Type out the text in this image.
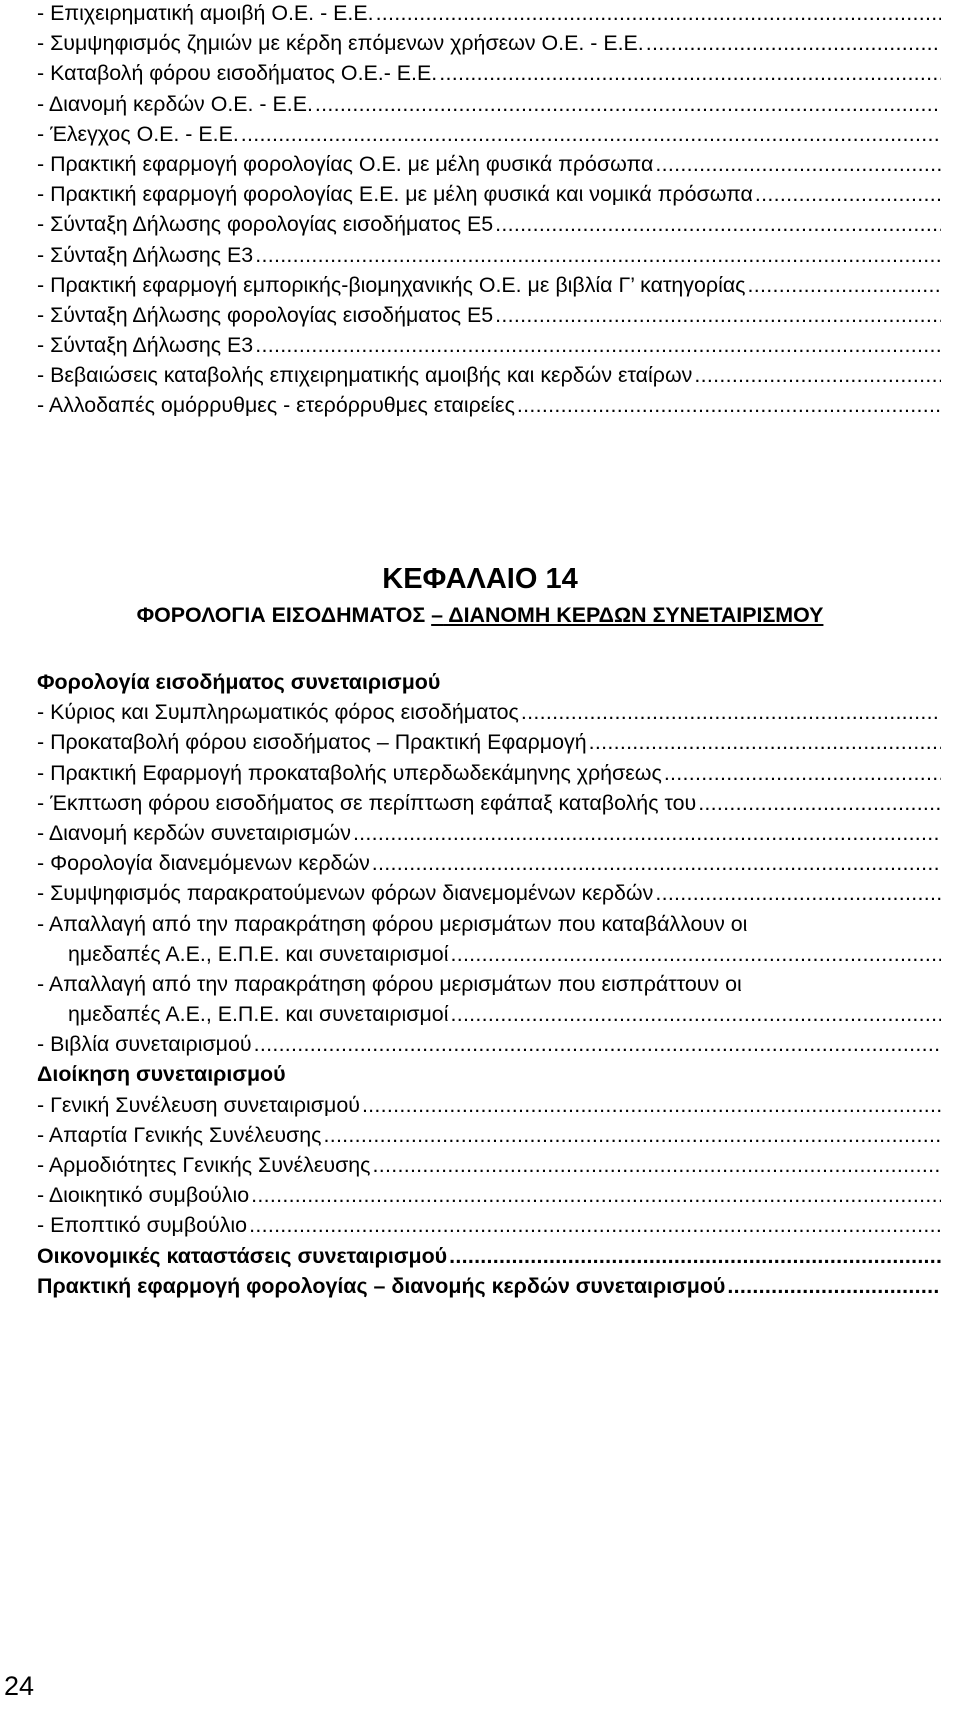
- Επιχειρηματική αμοιβή Ο.Ε. - Ε.Ε.
.....
- Συμψηφισμός ζημιών με κέρδη επόμενων χρήσεων Ο.Ε. - Ε.Ε.
.....
- Καταβολή φόρου εισοδήματος Ο.Ε.- Ε.Ε.
.....
- Διανομή κερδών Ο.Ε. - Ε.Ε.
.....
- Έλεγχος Ο.Ε. - Ε.Ε.
.....
- Πρακτική εφαρμογή φορολογίας Ο.Ε. με μέλη φυσικά πρόσωπα
.....
- Πρακτική εφαρμογή φορολογίας Ε.Ε. με μέλη φυσικά και νομικά πρόσωπα
.....
- Σύνταξη Δήλωσης φορολογίας εισοδήματος Ε5
.....
- Σύνταξη Δήλωσης Ε3
.....
- Πρακτική εφαρμογή εμπορικής-βιομηχανικής Ο.Ε. με βιβλία Γ’ κατηγορίας
.....
- Σύνταξη Δήλωσης φορολογίας εισοδήματος Ε5
.....
- Σύνταξη Δήλωσης Ε3
.....
- Βεβαιώσεις καταβολής επιχειρηματικής αμοιβής και κερδών εταίρων
.....
- Αλλοδαπές ομόρρυθμες - ετερόρρυθμες εταιρείες
.....
ΚΕΦΑΛΑΙΟ 14
ΦΟΡΟΛΟΓΙΑ ΕΙΣΟΔΗΜΑΤΟΣ – ΔΙΑΝΟΜΗ ΚΕΡΔΩΝ ΣΥΝΕΤΑΙΡΙΣΜΟΥ
Φορολογία εισοδήματος συνεταιρισμού
- Κύριος και Συμπληρωματικός φόρος εισοδήματος
.....
- Προκαταβολή φόρου εισοδήματος – Πρακτική Εφαρμογή
.....
- Πρακτική Εφαρμογή προκαταβολής υπερδωδεκάμηνης χρήσεως
.....
- Έκπτωση φόρου εισοδήματος σε περίπτωση εφάπαξ καταβολής του
.....
- Διανομή κερδών συνεταιρισμών
.....
- Φορολογία διανεμόμενων κερδών
.....
- Συμψηφισμός παρακρατούμενων φόρων διανεμομένων κερδών
.....
- Απαλλαγή από την παρακράτηση φόρου μερισμάτων που καταβάλλουν οι
ημεδαπές Α.Ε., Ε.Π.Ε. και συνεταιρισμοί
.....
- Απαλλαγή από την παρακράτηση φόρου μερισμάτων που εισπράττουν οι
ημεδαπές Α.Ε., Ε.Π.Ε. και συνεταιρισμοί
.....
- Βιβλία συνεταιρισμού
.....
Διοίκηση συνεταιρισμού
- Γενική Συνέλευση συνεταιρισμού
.....
- Απαρτία Γενικής Συνέλευσης
.....
- Αρμοδιότητες Γενικής Συνέλευσης
.....
- Διοικητικό συμβούλιο
.....
- Εποπτικό συμβούλιο
.....
Οικονομικές καταστάσεις συνεταιρισμού
.....
Πρακτική εφαρμογή φορολογίας – διανομής κερδών συνεταιρισμού
.....
24
